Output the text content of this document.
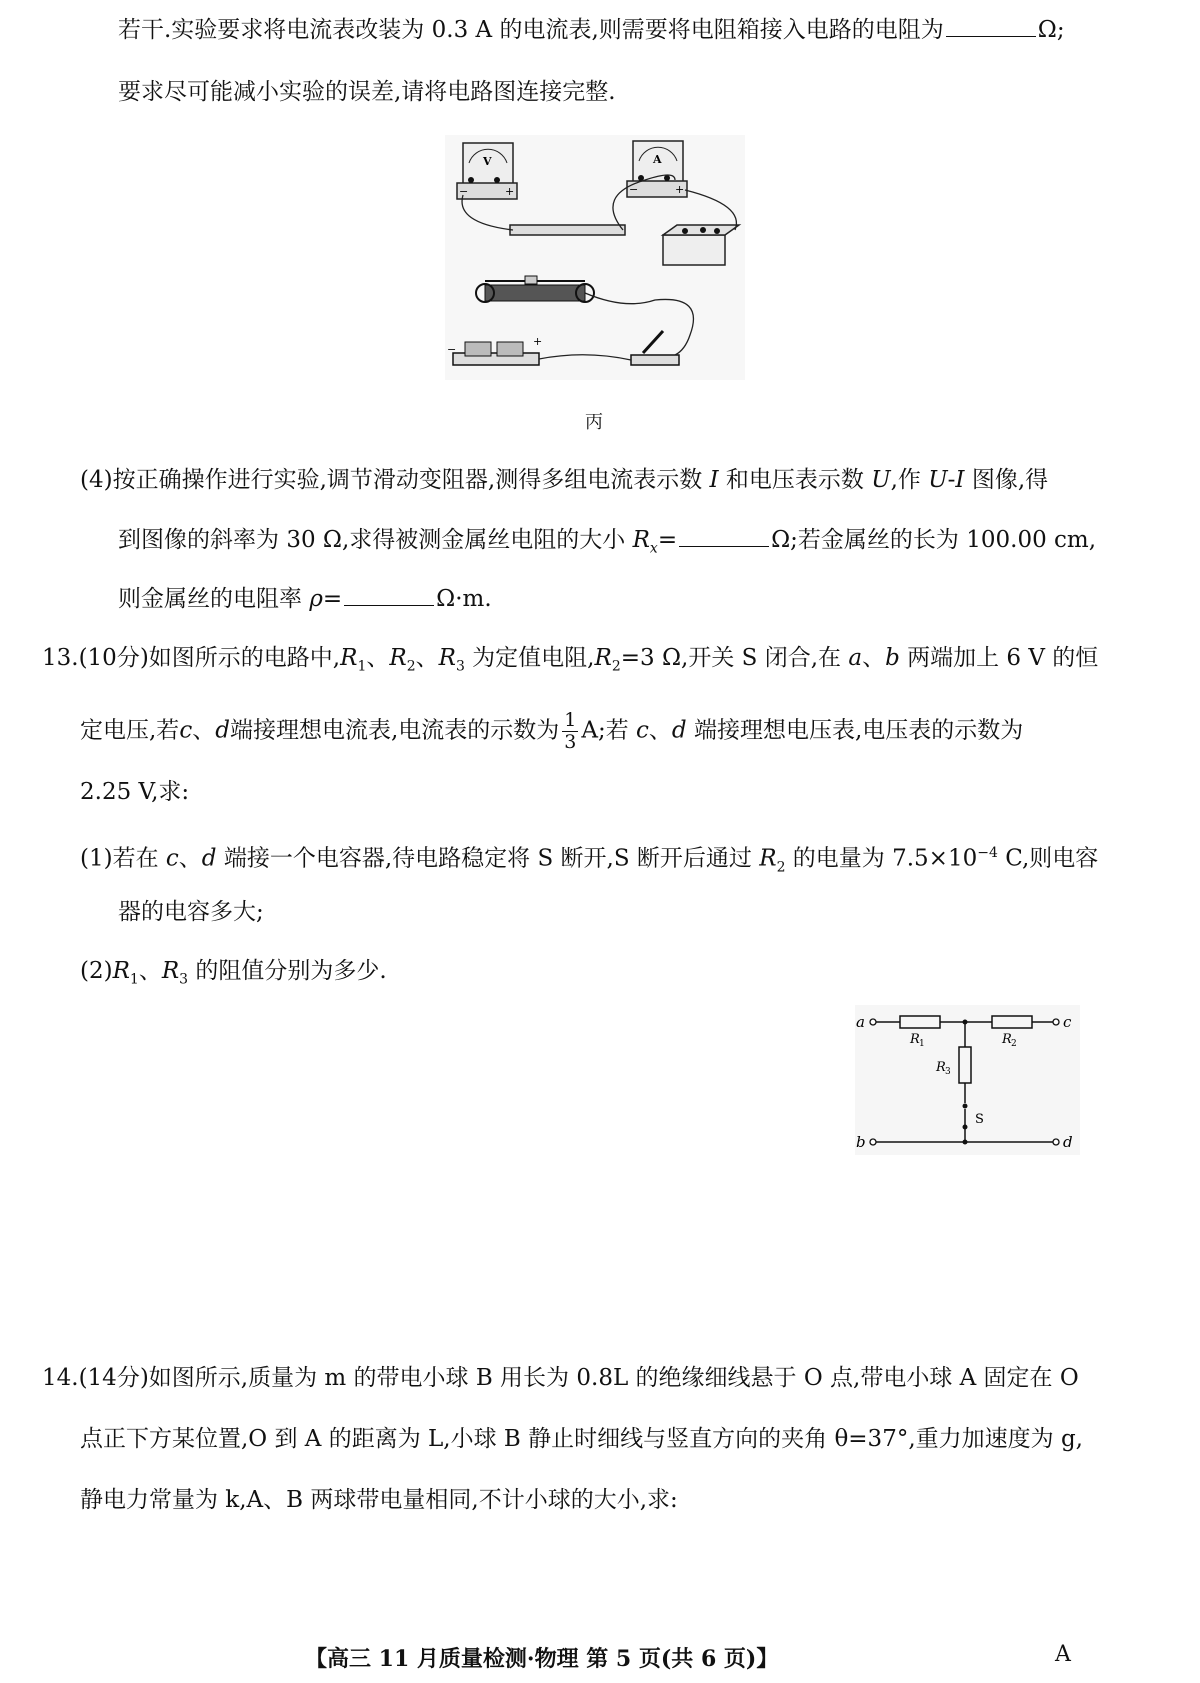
若干.实验要求将电流表改装为 0.3 A 的电流表,则需要将电阻箱接入电路的电阻为	Ω;
要求尽可能减小实验的误差,请将电路图连接完整.
V
−	+
A
−	+
−
+
丙
(4)按正确操作进行实验,调节滑动变阻器,测得多组电流表示数 I 和电压表示数 U,作 U-I 图像,得
到图像的斜率为 30 Ω,求得被测金属丝电阻的大小 $R_x=$	Ω;若金属丝的长为 100.00 cm,
则金属丝的电阻率 ρ=	Ω·m.
13.(10分)如图所示的电路中$,R_1$、$R_2$、$R_3$ 为定值电阻$,R_2=3$ Ω,开关 S 闭合,在 a、b 两端加上 6 V 的恒
定电压,若c、d端接理想电流表,电流表的示数为 $\frac{1}{3} A$;若 c、d 端接理想电压表,电压表的示数为
2.25 V,求:
(1)若在 c、d 端接一个电容器,待电路稳定将 S 断开,S 断开后通过 $R_2$ 的电量为 $7.5\times 10^{-4}$ C,则电容
器的电容多大;
$(2)R_1$、$R_3$ 的阻值分别为多少.
a	c
b	d
R 1	R 2
R 3
S
14.(14分)如图所示,质量为 m 的带电小球 B 用长为 0.8L 的绝缘细线悬于 O 点,带电小球 A 固定在 O
点正下方某位置,O 到 A 的距离为 L,小球 B 静止时细线与竖直方向的夹角 θ=37°,重力加速度为 g,
静电力常量为 k,A、B 两球带电量相同,不计小球的大小,求:
【高三 11 月质量检测·物理 第 5 页(共 6 页)】	A
